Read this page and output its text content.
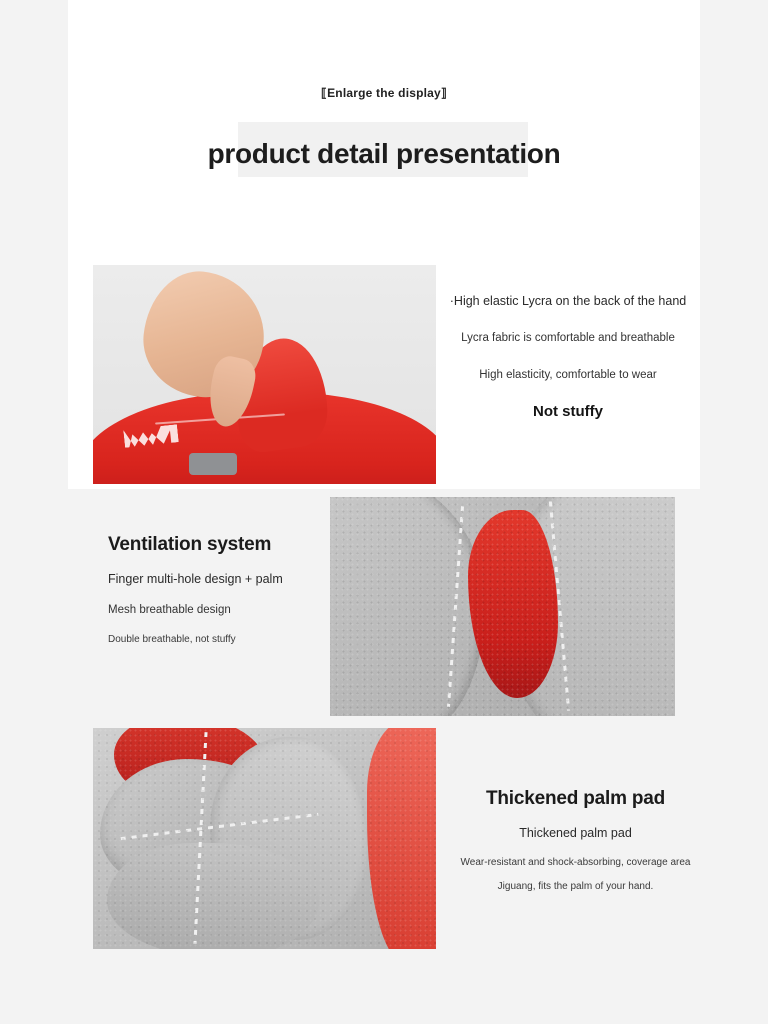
⟦Enlarge the display⟧
product detail presentation

·High elastic Lycra on the back of the hand

Lycra fabric is comfortable and breathable

High elasticity, comfortable to wear

Not stuffy

Ventilation system

Finger multi-hole design + palm

Mesh breathable design

Double breathable, not stuffy

Thickened palm pad

Thickened palm pad

Wear-resistant and shock-absorbing, coverage area

Jiguang, fits the palm of your hand.
